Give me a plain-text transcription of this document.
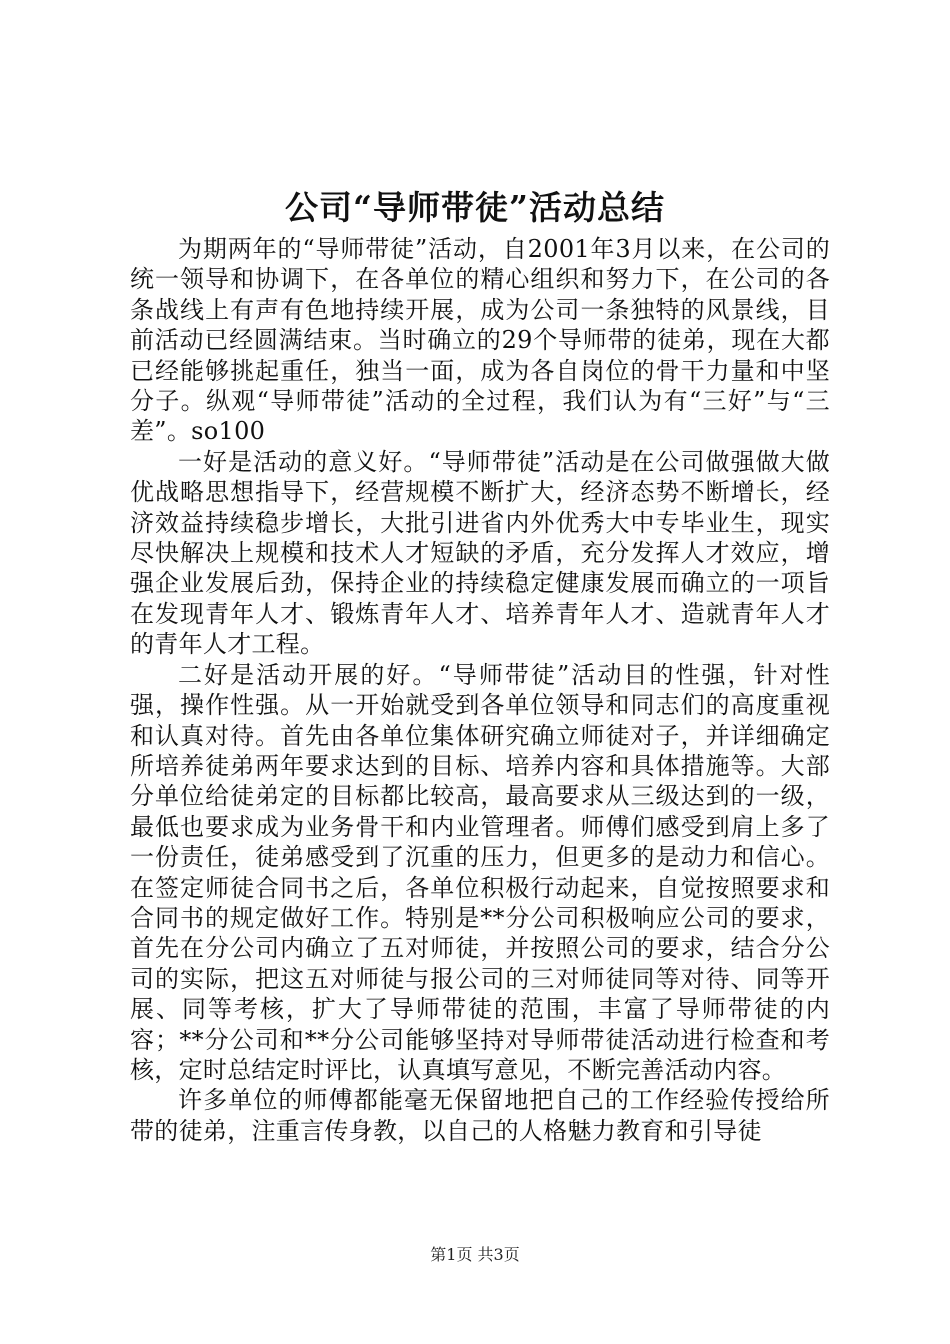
公司“导师带徒”活动总结

为期两年的“导师带徒”活动，自2001年3月以来，在公司的统一领导和协调下，在各单位的精心组织和努力下，在公司的各条战线上有声有色地持续开展，成为公司一条独特的风景线，目前活动已经圆满结束。当时确立的29个导师带的徒弟，现在大都已经能够挑起重任，独当一面，成为各自岗位的骨干力量和中坚分子。纵观“导师带徒”活动的全过程，我们认为有“三好”与“三差”。so100

一好是活动的意义好。“导师带徒”活动是在公司做强做大做优战略思想指导下，经营规模不断扩大，经济态势不断增长，经济效益持续稳步增长，大批引进省内外优秀大中专毕业生，现实尽快解决上规模和技术人才短缺的矛盾，充分发挥人才效应，增强企业发展后劲，保持企业的持续稳定健康发展而确立的一项旨在发现青年人才、锻炼青年人才、培养青年人才、造就青年人才的青年人才工程。

二好是活动开展的好。“导师带徒”活动目的性强，针对性强，操作性强。从一开始就受到各单位领导和同志们的高度重视和认真对待。首先由各单位集体研究确立师徒对子，并详细确定所培养徒弟两年要求达到的目标、培养内容和具体措施等。大部分单位给徒弟定的目标都比较高，最高要求从三级达到的一级，最低也要求成为业务骨干和内业管理者。师傅们感受到肩上多了一份责任，徒弟感受到了沉重的压力，但更多的是动力和信心。在签定师徒合同书之后，各单位积极行动起来，自觉按照要求和合同书的规定做好工作。特别是**分公司积极响应公司的要求，首先在分公司内确立了五对师徒，并按照公司的要求，结合分公司的实际，把这五对师徒与报公司的三对师徒同等对待、同等开展、同等考核，扩大了导师带徒的范围，丰富了导师带徒的内容；**分公司和**分公司能够坚持对导师带徒活动进行检查和考核，定时总结定时评比，认真填写意见，不断完善活动内容。

许多单位的师傅都能毫无保留地把自己的工作经验传授给所带的徒弟，注重言传身教，以自己的人格魅力教育和引导徒

第1页 共3页
